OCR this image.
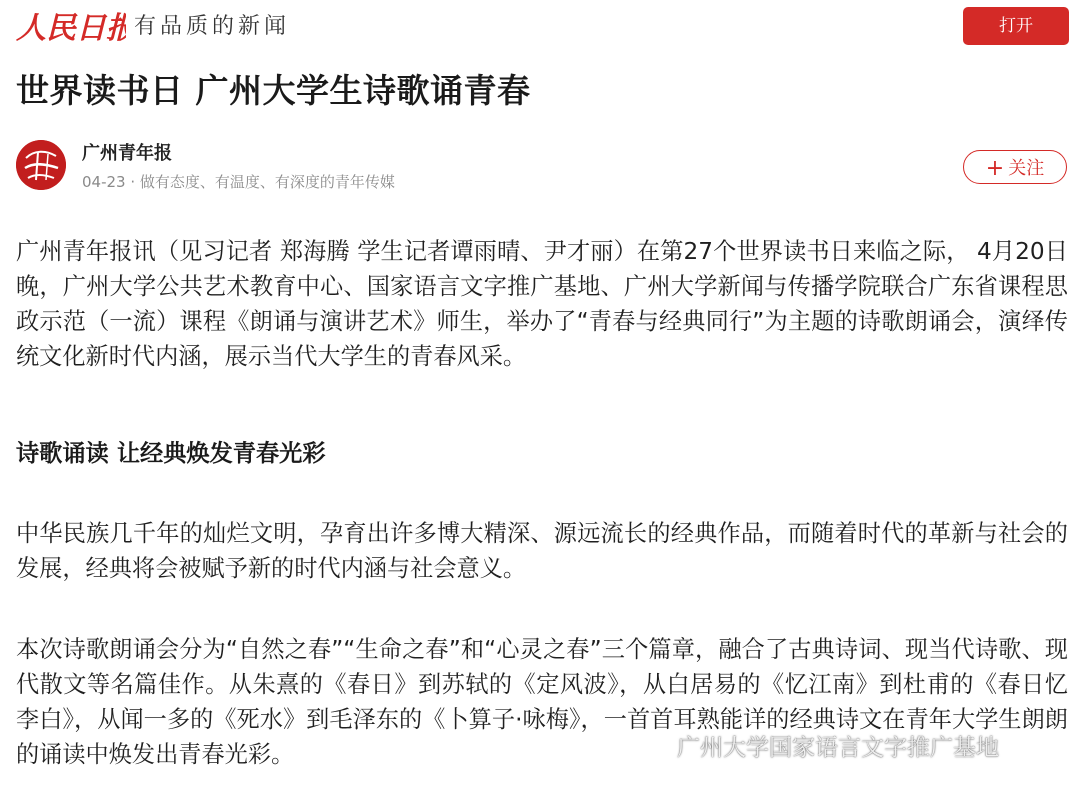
人民日报
有品质的新闻	打开
世界读书日 广州大学生诗歌诵青春
广州青年报
04-23 · 做有态度、有温度、有深度的青年传媒
+ 关注
广州青年报讯（见习记者 郑海腾 学生记者谭雨晴、尹才丽）在第27个世界读书日来临之际， 4月20日晚，广州大学公共艺术教育中心、国家语言文字推广基地、广州大学新闻与传播学院联合广东省课程思政示范（一流）课程《朗诵与演讲艺术》师生，举办了“青春与经典同行”为主题的诗歌朗诵会，演绎传统文化新时代内涵，展示当代大学生的青春风采。
诗歌诵读 让经典焕发青春光彩
中华民族几千年的灿烂文明，孕育出许多博大精深、源远流长的经典作品，而随着时代的革新与社会的发展，经典将会被赋予新的时代内涵与社会意义。
本次诗歌朗诵会分为“自然之春”“生命之春”和“心灵之春”三个篇章，融合了古典诗词、现当代诗歌、现代散文等名篇佳作。从朱熹的《春日》到苏轼的《定风波》，从白居易的《忆江南》到杜甫的《春日忆李白》，从闻一多的《死水》到毛泽东的《卜算子·咏梅》，一首首耳熟能详的经典诗文在青年大学生朗朗的诵读中焕发出青春光彩。	广州大学国家语言文字推广基地
